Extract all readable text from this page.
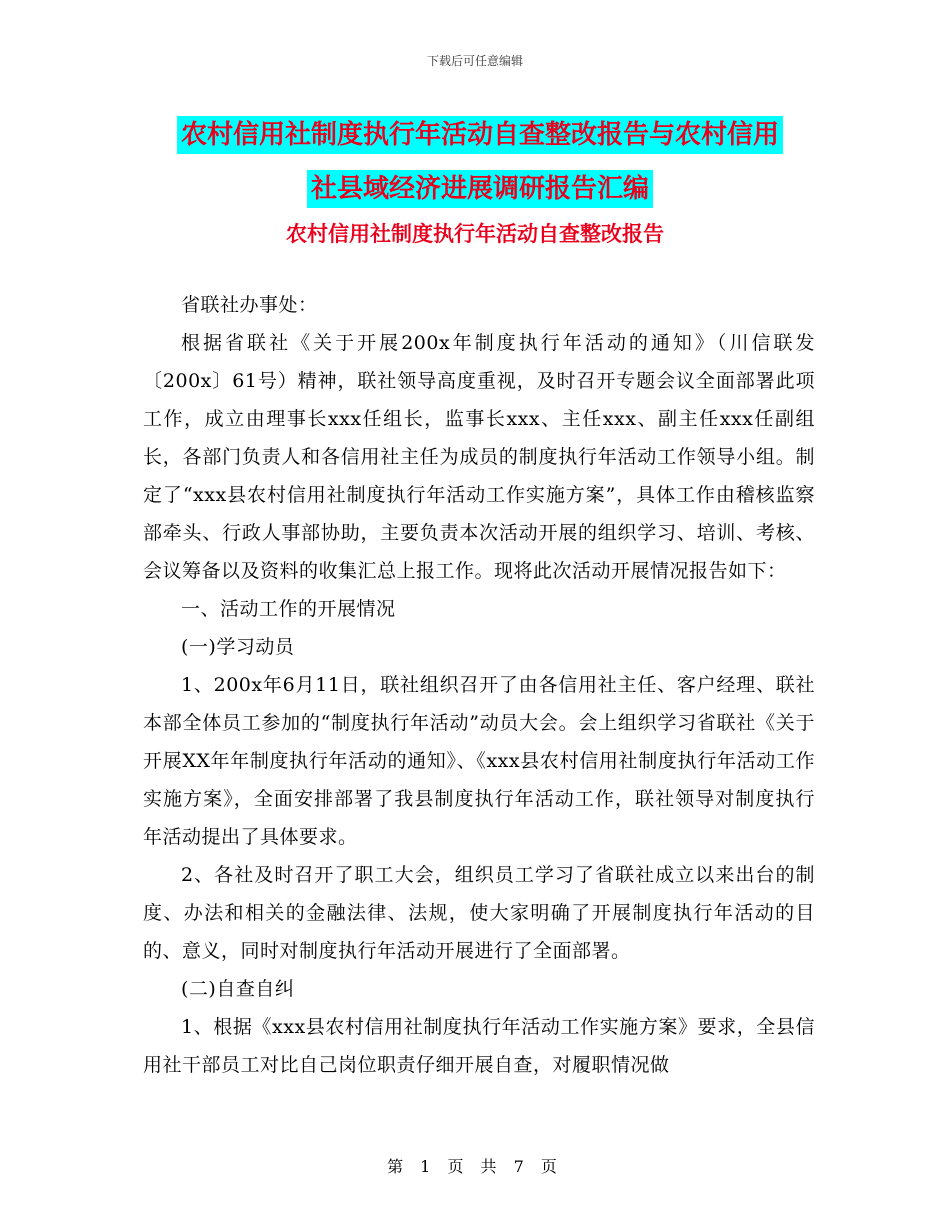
下载后可任意编辑
农村信用社制度执行年活动自查整改报告与农村信用
社县域经济进展调研报告汇编
农村信用社制度执行年活动自查整改报告

省联社办事处：

根据省联社《关于开展200x年制度执行年活动的通知》（川信联发〔200x〕61号）精神，联社领导高度重视，及时召开专题会议全面部署此项工作，成立由理事长xxx任组长，监事长xxx、主任xxx、副主任xxx任副组长，各部门负责人和各信用社主任为成员的制度执行年活动工作领导小组。制定了“xxx县农村信用社制度执行年活动工作实施方案”，具体工作由稽核监察部牵头、行政人事部协助，主要负责本次活动开展的组织学习、培训、考核、会议筹备以及资料的收集汇总上报工作。现将此次活动开展情况报告如下：

一、活动工作的开展情况

(一)学习动员

1、200x年6月11日，联社组织召开了由各信用社主任、客户经理、联社本部全体员工参加的“制度执行年活动”动员大会。会上组织学习省联社《关于开展XX年年制度执行年活动的通知》、《xxx县农村信用社制度执行年活动工作实施方案》，全面安排部署了我县制度执行年活动工作，联社领导对制度执行年活动提出了具体要求。

2、各社及时召开了职工大会，组织员工学习了省联社成立以来出台的制度、办法和相关的金融法律、法规，使大家明确了开展制度执行年活动的目的、意义，同时对制度执行年活动开展进行了全面部署。

(二)自查自纠

1、根据《xxx县农村信用社制度执行年活动工作实施方案》要求，全县信用社干部员工对比自己岗位职责仔细开展自查，对履职情况做

第 1 页 共 7 页
